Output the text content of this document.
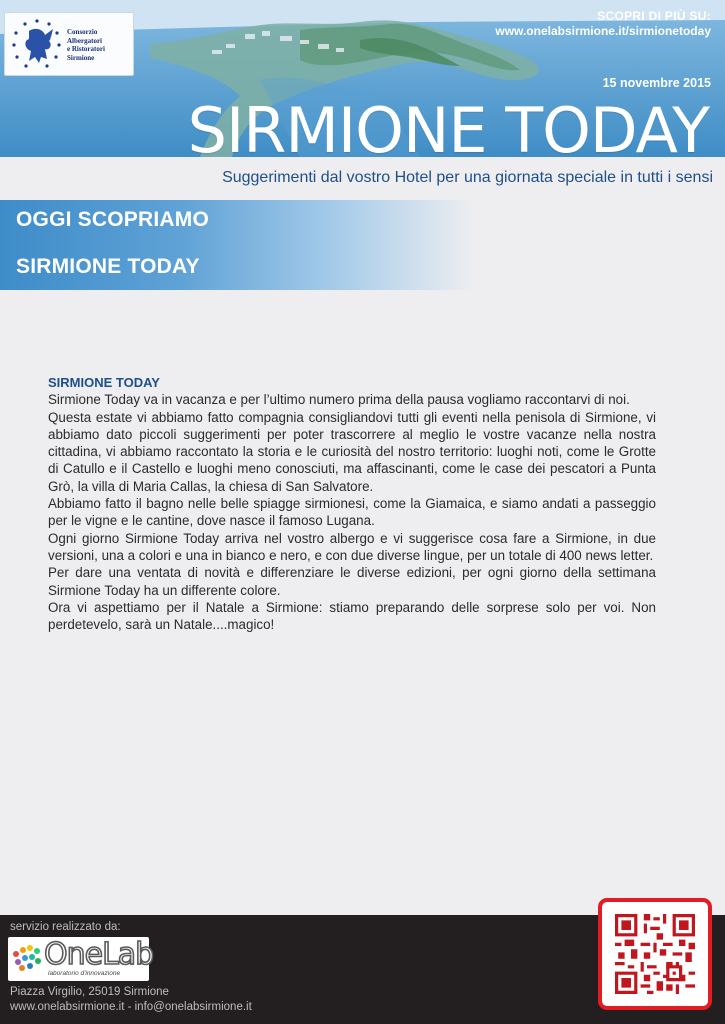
Consorzio
Albergatori
e Ristoratori
Sirmione
SCOPRI DI PIÙ SU:
www.onelabsirmione.it/sirmionetoday
15 novembre 2015
SIRMIONE TODAY
Suggerimenti dal vostro Hotel per una giornata speciale in tutti i sensi
OGGI SCOPRIAMO
SIRMIONE TODAY
SIRMIONE TODAY

Sirmione Today va in vacanza e per l’ultimo numero prima della pausa vogliamo raccontarvi di noi.

Questa estate vi abbiamo fatto compagnia consigliandovi tutti gli eventi nella penisola di Sirmione, vi abbiamo dato piccoli suggerimenti per poter trascorrere al meglio le vostre vacanze nella nostra cittadina, vi abbiamo raccontato la storia e le curiosità del nostro territorio: luoghi noti, come le Grotte di Catullo e il Castello e luoghi meno conosciuti, ma affascinanti, come le case dei pescatori a Punta Grò, la villa di Maria Callas, la chiesa di San Salvatore.

Abbiamo fatto il bagno nelle belle spiagge sirmionesi, come la Giamaica, e siamo andati a passeggio per le vigne e le cantine, dove nasce il famoso Lugana.

Ogni giorno Sirmione Today arriva nel vostro albergo e vi suggerisce cosa fare a Sirmione, in due versioni, una a colori e una in bianco e nero, e con due diverse lingue, per un totale di 400 news letter.

Per dare una ventata di novità e differenziare le diverse edizioni, per ogni giorno della settimana Sirmione Today ha un differente colore.

Ora vi aspettiamo per il Natale a Sirmione: stiamo preparando delle sorprese solo per voi. Non perdetevelo, sarà un Natale....magico!

servizio realizzato da:
OneLab
laboratorio d'innovazione
Piazza Virgilio, 25019 Sirmione
www.onelabsirmione.it - info@onelabsirmione.it
